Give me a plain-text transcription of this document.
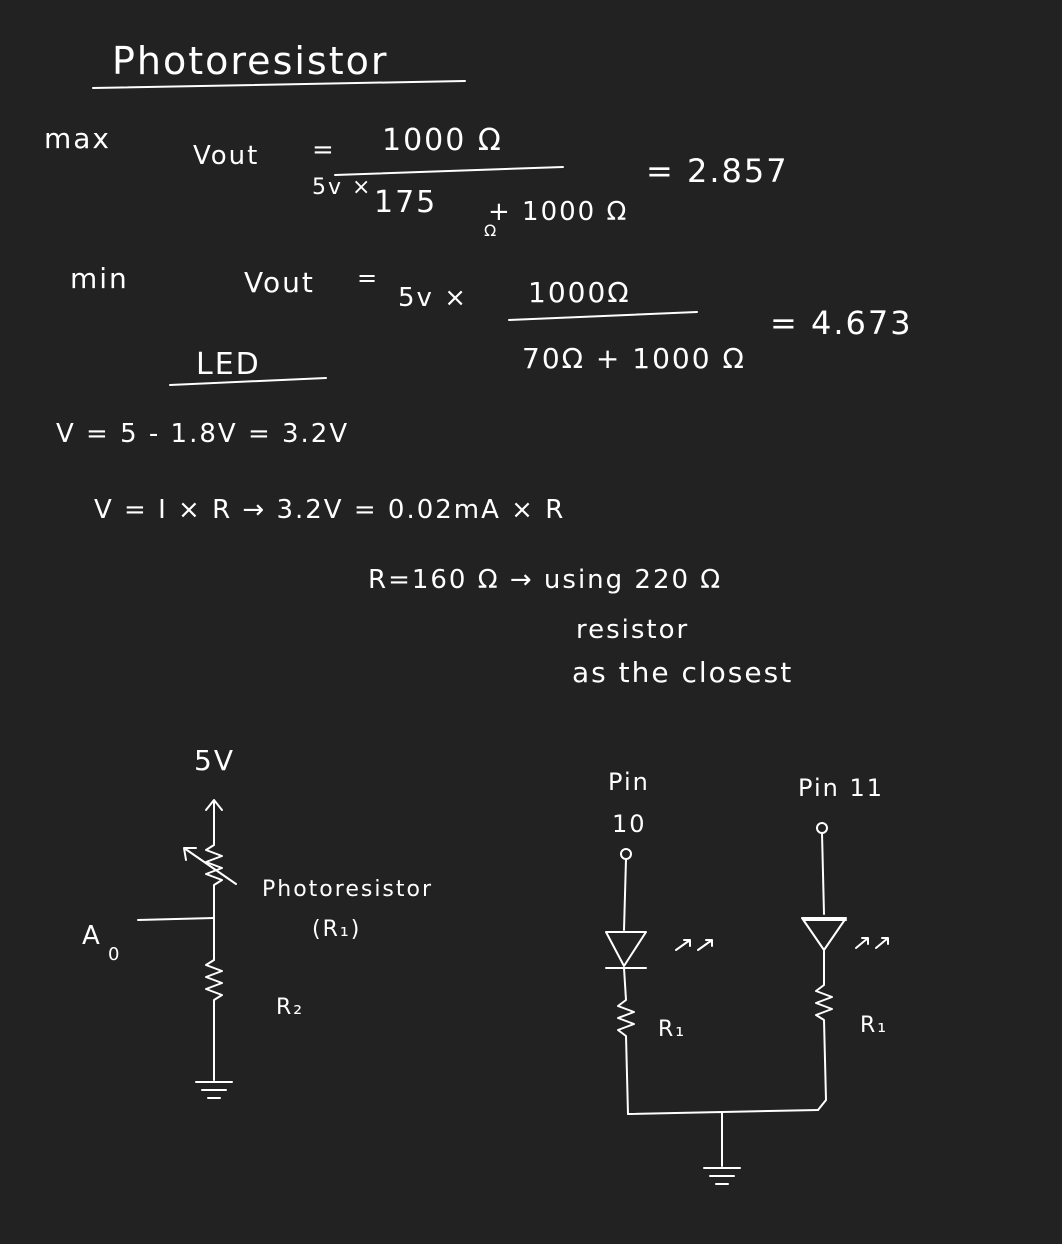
Photoresistor
max
Vout = 1000 Ω
5v × 175
Ω
+ 1000 Ω
= 2.857
min	Vout =
5v × 1000Ω
70Ω + 1000 Ω
= 4.673
LED
V = 5 - 1.8V = 3.2V
V = I × R → 3.2V = 0.02mA × R
R=160 Ω → using 220 Ω
resistor
as the closest
5V
Photoresistor
(R₁)
A
0
R₂
Pin
10
R₁
Pin 11
R₁
